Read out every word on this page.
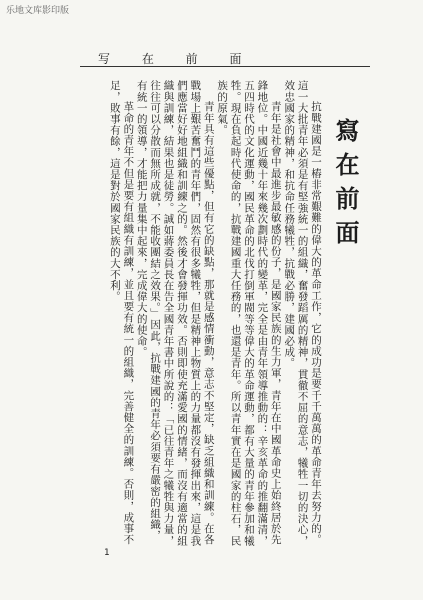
乐地文库影印版
写 在 前 面
寫在前面

抗戰建國是一樁非常艱難的偉大的革命工作，它的成功是要千千萬萬的革命青年去努力的。這一大批青年必須是有堅強統一的組織，奮發蹈厲的精神，貫徹不屈的意志，犧牲一切的決心，效忠國家的精神，和抗命任務犧牲，抗戰必勝，建國必成。

青年是社會中最進步最敏感的份子，是國家民族的生力軍，青年在中國革命史上始終居於先鋒地位。中國近幾十年來幾次劃時代的變革，完全是由青年領導推動的：辛亥革命的推翻滿清，五四時代的文化運動，國民革命的北伐打倒軍閥等等偉大的革命運動，都有大量的青年參加和犧牲。現在負起時代使命的，抗戰建國重大任務的，也還是青年。所以青年實在是國家的柱石，民族的原氣。

青年具有這些優點，但有它的缺點，那就是感情衝動，意志不堅定，缺乏組織和訓練。在各戰場上艱苦奮鬥的青年們，固然有很多犧牲，但是精神上物質上的力量都沒有發揮出來，這是我們應當好好地組織和訓練之的。然後才會發揮功效。否則即使充滿愛國的情緒，而沒有適當的組織與訓練，結果也是徒勞。誠如蔣委員長在告全國青年書中所說的：「已往青年之犧牲與力量，往往可以分散而無所成就，不能收團結之效果。」因此，抗戰建國的青年必須要有嚴密的組織，有統一的領導，才能把力量集中起來，完成偉大的使命。

革命的青年不但是要有組織有訓練，並且要有統一的組織，完善健全的訓練。否則，成事不足，敗事有餘，這是對於國家民族的大不利。

1
